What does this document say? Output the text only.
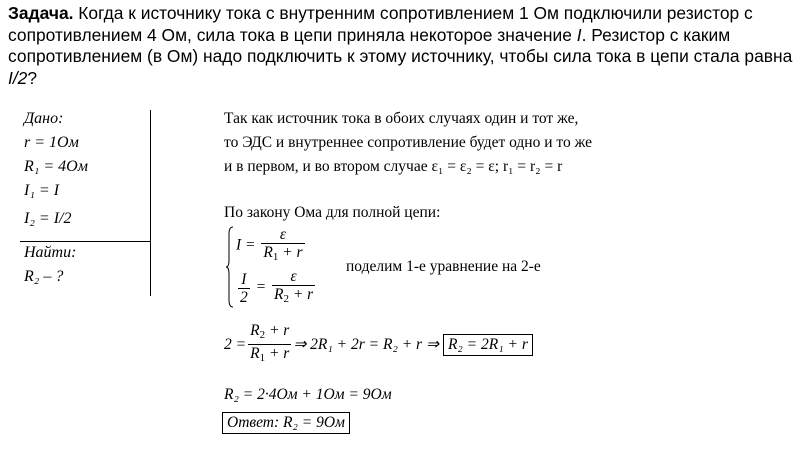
Задача. Когда к источнику тока с внутренним сопротивлением 1 Ом подключили резистор с сопротивлением 4 Ом, сила тока в цепи приняла некоторое значение I. Резистор с каким сопротивлением (в Ом) надо подключить к этому источнику, чтобы сила тока в цепи стала равна I/2?
Дано:
r = 1Ом
R₁ = 4Ом
I₁ = I
I₂ = I/2
Найти:
R₂ – ?
Так как источник тока в обоих случаях один и тот же,
то ЭДС и внутреннее сопротивление будет одно и то же
и в первом, и во втором случае ε₁ = ε₂ = ε; r₁ = r₂ = r
По закону Ома для полной цепи:
$I = \frac{\varepsilon}{R_1 + r}$
$\frac{I}{2} = \frac{\varepsilon}{R_2 + r}$
поделим 1-е уравнение на 2-е
$2 = \frac{R_2 + r}{R_1 + r}$ ⇒ 2R₁ + 2r = R₂ + r ⇒ R₂ = 2R₁ + r
R₂ = 2·4Ом + 1Ом = 9Ом
Ответ: R₂ = 9Ом
